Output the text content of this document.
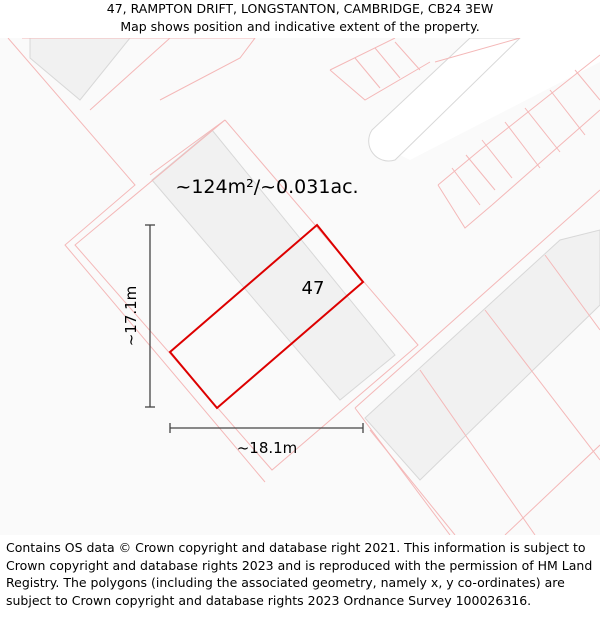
47, RAMPTON DRIFT, LONGSTANTON, CAMBRIDGE, CB24 3EW
Map shows position and indicative extent of the property.
~124m²/~0.031ac.
47
~17.1m
~18.1m
Contains OS data © Crown copyright and database right 2021. This information is subject to Crown copyright and database rights 2023 and is reproduced with the permission of HM Land Registry. The polygons (including the associated geometry, namely x, y co-ordinates) are subject to Crown copyright and database rights 2023 Ordnance Survey 100026316.
